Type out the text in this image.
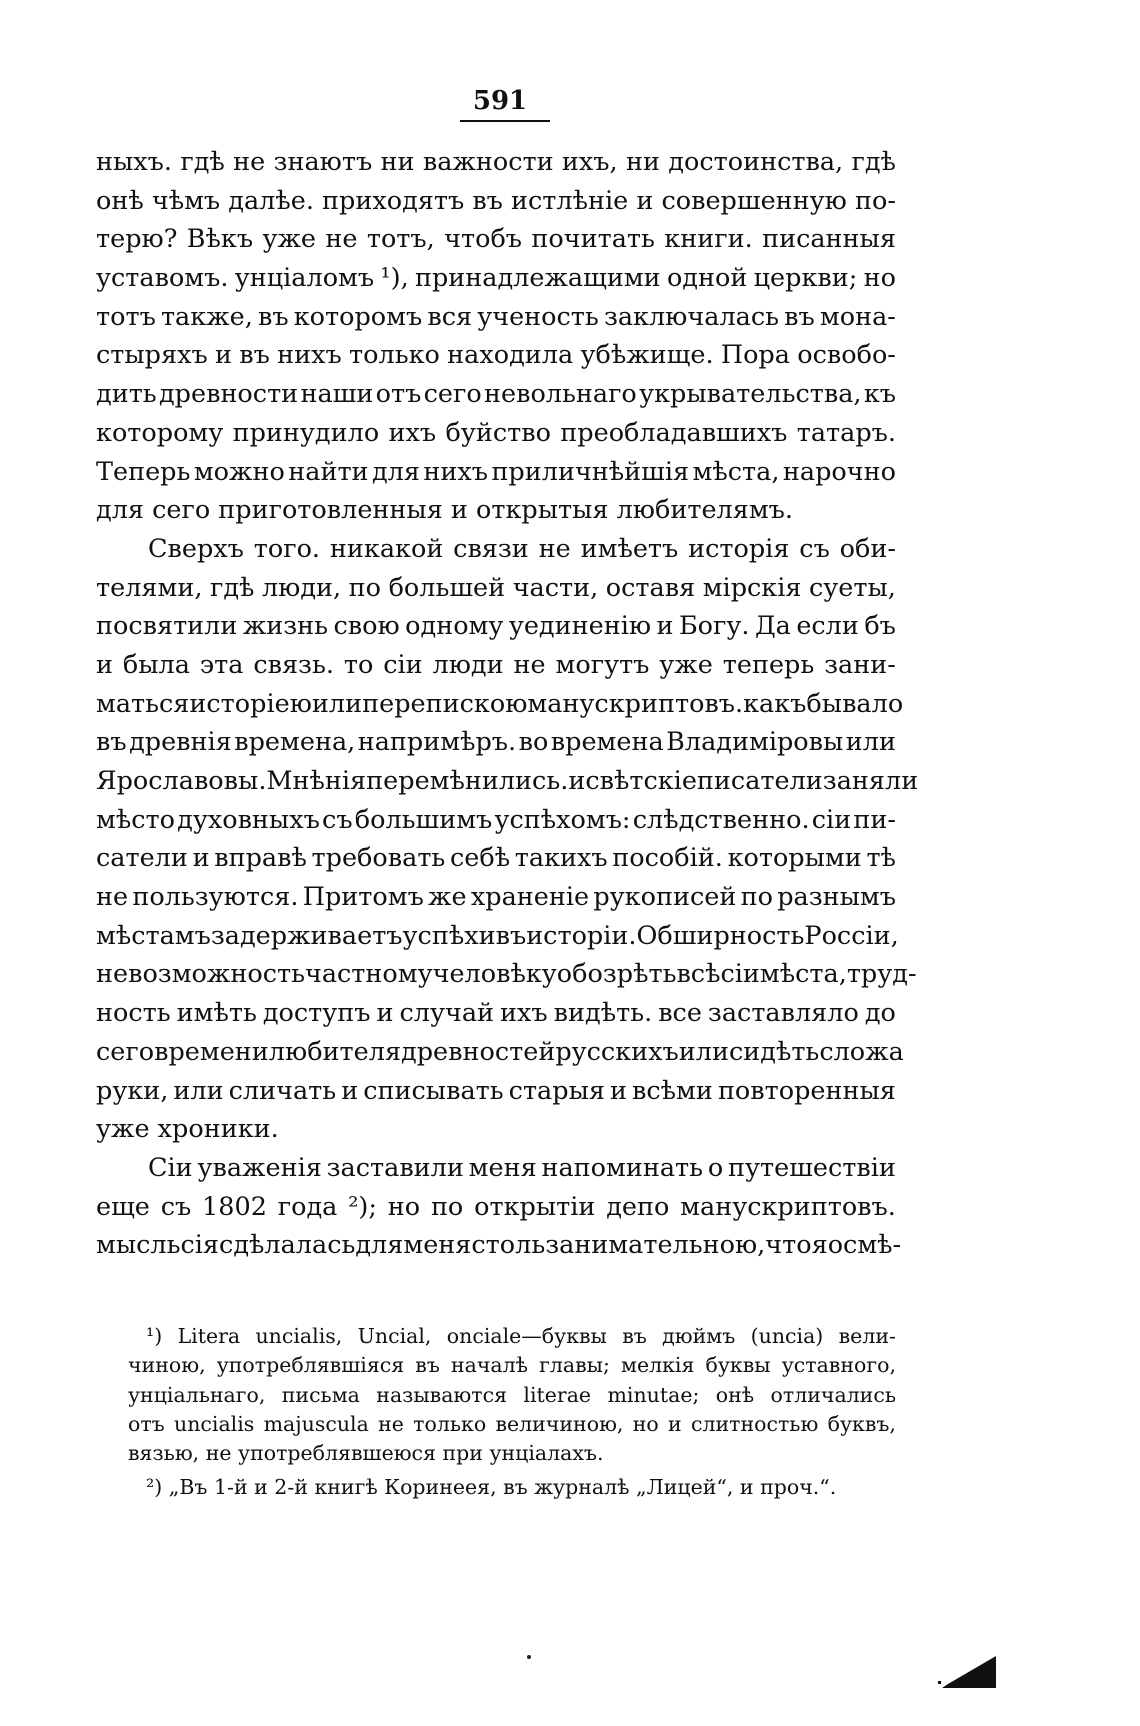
591
ныхъ. гдѣ не знаютъ ни важности ихъ, ни достоинства, гдѣ
онѣ чѣмъ далѣе. приходятъ въ истлѣніе и совершенную по-
терю? Вѣкъ уже не тотъ, чтобъ почитать книги. писанныя
уставомъ. унціаломъ ¹), принадлежащими одной церкви; но
тотъ также, въ которомъ вся ученость заключалась въ мона-
стыряхъ и въ нихъ только находила убѣжище. Пора освобо-
дить древности наши отъ сего невольнаго укрывательства, къ
которому принудило ихъ буйство преобладавшихъ татаръ.
Теперь можно найти для нихъ приличнѣйшія мѣста, нарочно
для сего приготовленныя и открытыя любителямъ.
Сверхъ того. никакой связи не имѣетъ исторія съ оби-
телями, гдѣ люди, по большей части, оставя мірскія суеты,
посвятили жизнь свою одному уединенію и Богу. Да если бъ
и была эта связь. то сіи люди не могутъ уже теперь зани-
маться исторіею или перепискою манускриптовъ. какъ бывало
въ древнія времена, напримѣръ. во времена Владиміровы или
Ярославовы. Мнѣнія перемѣнились. и свѣтскіе писатели заняли
мѣсто духовныхъ съ большимъ успѣхомъ: слѣдственно. сіи пи-
сатели и вправѣ требовать себѣ такихъ пособій. которыми тѣ
не пользуются. Притомъ же храненіе рукописей по разнымъ
мѣстамъ задерживаетъ успѣхи въ исторіи. Обширность Россіи,
невозможность частному человѣку обозрѣть всѣ сіи мѣста, труд-
ность имѣть доступъ и случай ихъ видѣть. все заставляло до
сего времени любителя древностей русскихъ или сидѣть сложа
руки, или сличать и списывать старыя и всѣми повторенныя
уже хроники.
Сіи уваженія заставили меня напоминать о путешествіи
еще съ 1802 года ²); но по открытіи депо манускриптовъ.
мысль сія сдѣлалась для меня столь занимательною, что я осмѣ-
¹) Litera uncialis, Uncial, onciale—буквы въ дюймъ (uncia) вели-
чиною, употреблявшіяся въ началѣ главы; мелкія буквы уставного,
унціальнаго, письма называются literae minutae; онѣ отличались
отъ uncialis majuscula не только величиною, но и слитностью буквъ,
вязью, не употреблявшеюся при унціалахъ.
²) „Въ 1-й и 2-й книгѣ Коринеея, въ журналѣ „Лицей“, и проч.“.
